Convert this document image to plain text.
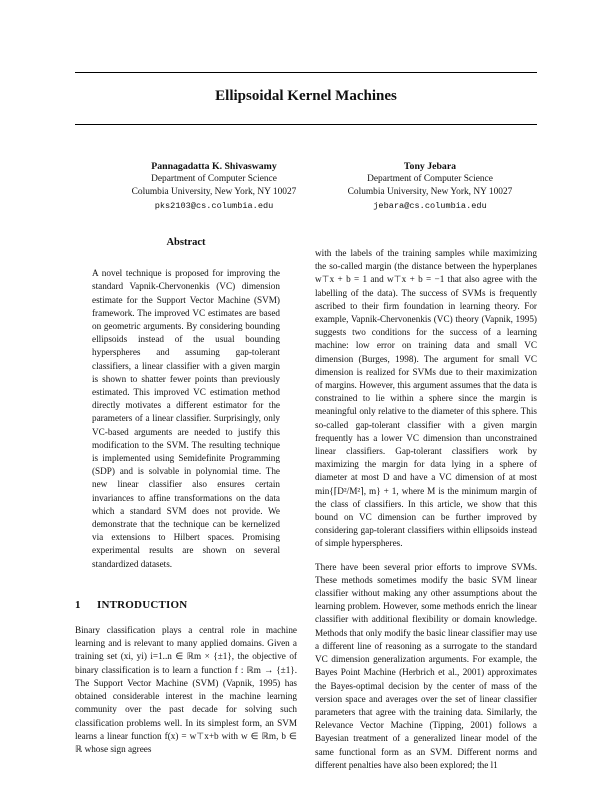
Ellipsoidal Kernel Machines
Pannagadatta K. Shivaswamy
Department of Computer Science
Columbia University, New York, NY 10027
pks2103@cs.columbia.edu
Tony Jebara
Department of Computer Science
Columbia University, New York, NY 10027
jebara@cs.columbia.edu
Abstract
A novel technique is proposed for improving the standard Vapnik-Chervonenkis (VC) dimension estimate for the Support Vector Machine (SVM) framework. The improved VC estimates are based on geometric arguments. By considering bounding ellipsoids instead of the usual bounding hyperspheres and assuming gap-tolerant classifiers, a linear classifier with a given margin is shown to shatter fewer points than previously estimated. This improved VC estimation method directly motivates a different estimator for the parameters of a linear classifier. Surprisingly, only VC-based arguments are needed to justify this modification to the SVM. The resulting technique is implemented using Semidefinite Programming (SDP) and is solvable in polynomial time. The new linear classifier also ensures certain invariances to affine transformations on the data which a standard SVM does not provide. We demonstrate that the technique can be kernelized via extensions to Hilbert spaces. Promising experimental results are shown on several standardized datasets.
1 INTRODUCTION
Binary classification plays a central role in machine learning and is relevant to many applied domains. Given a training set (xi, yi) i=1..n ∈ ℝm × {±1}, the objective of binary classification is to learn a function f : ℝm → {±1}. The Support Vector Machine (SVM) (Vapnik, 1995) has obtained considerable interest in the machine learning community over the past decade for solving such classification problems well. In its simplest form, an SVM learns a linear function f(x) = w⊤x+b with w ∈ ℝm, b ∈ ℝ whose sign agrees
with the labels of the training samples while maximizing the so-called margin (the distance between the hyperplanes w⊤x + b = 1 and w⊤x + b = −1 that also agree with the labelling of the data). The success of SVMs is frequently ascribed to their firm foundation in learning theory. For example, Vapnik-Chervonenkis (VC) theory (Vapnik, 1995) suggests two conditions for the success of a learning machine: low error on training data and small VC dimension (Burges, 1998). The argument for small VC dimension is realized for SVMs due to their maximization of margins. However, this argument assumes that the data is constrained to lie within a sphere since the margin is meaningful only relative to the diameter of this sphere. This so-called gap-tolerant classifier with a given margin frequently has a lower VC dimension than unconstrained linear classifiers. Gap-tolerant classifiers work by maximizing the margin for data lying in a sphere of diameter at most D and have a VC dimension of at most min{⌈D²/M²⌉, m} + 1, where M is the minimum margin of the class of classifiers. In this article, we show that this bound on VC dimension can be further improved by considering gap-tolerant classifiers within ellipsoids instead of simple hyperspheres.
There have been several prior efforts to improve SVMs. These methods sometimes modify the basic SVM linear classifier without making any other assumptions about the learning problem. However, some methods enrich the linear classifier with additional flexibility or domain knowledge. Methods that only modify the basic linear classifier may use a different line of reasoning as a surrogate to the standard VC dimension generalization arguments. For example, the Bayes Point Machine (Herbrich et al., 2001) approximates the Bayes-optimal decision by the center of mass of the version space and averages over the set of linear classifier parameters that agree with the training data. Similarly, the Relevance Vector Machine (Tipping, 2001) follows a Bayesian treatment of a generalized linear model of the same functional form as an SVM. Different norms and different penalties have also been explored; the l1
